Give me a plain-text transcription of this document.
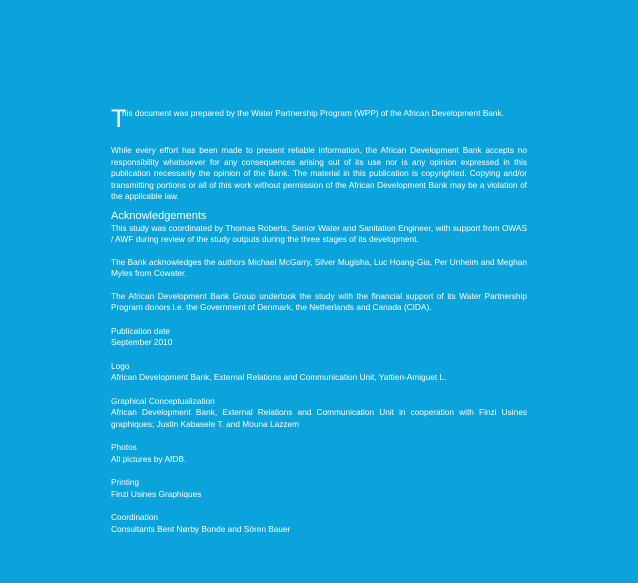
T
his document was prepared by the Water Partnership Program (WPP) of the African Development Bank.

While every effort has been made to present reliable information, the African Development Bank accepts no responsibility whatsoever for any consequences arising out of its use nor is any opinion expressed in this publication necessarily the opinion of the Bank. The material in this publication is copyrighted. Copying and/or transmitting portions or all of this work without permission of the African Development Bank may be a violation of the applicable law.

Acknowledgements

This study was coordinated by Thomas Roberts, Senior Water and Sanitation Engineer, with support from OWAS / AWF during review of the study outputs during the three stages of its development.

The Bank acknowledges the authors Michael McGarry, Silver Mugisha, Luc Hoang-Gia, Per Unheim and Meghan Myles from Cowater.

The African Development Bank Group undertook the study with the financial support of its Water Partnership Program donors i.e. the Government of Denmark, the Netherlands and Canada (CIDA).

Publication date
September 2010
Logo
African Development Bank, External Relations and Communication Unit, Yattien-Amiguet L.
Graphical Conceptualization

African Development Bank, External Relations and Communication Unit in cooperation with Finzi Usines graphiques; Justin Kabasele T. and Mouna Lazzem

Photos
All pictures by AfDB.
Printing
Finzi Usines Graphiques
Coordination
Consultants Bent Nørby Bonde and Sören Bauer
